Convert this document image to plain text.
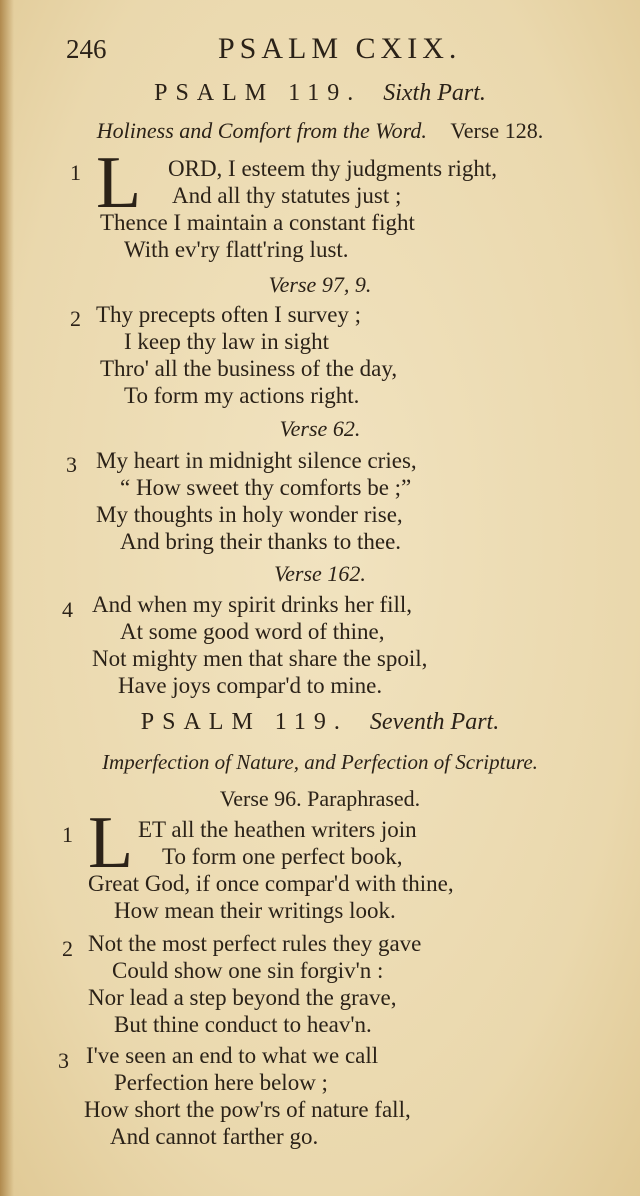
246	PSALM CXIX.
PSALM 119. Sixth Part.
Holiness and Comfort from the Word. Verse 128.
1 L ORD, I esteem thy judgments right,
And all thy statutes just ;
Thence I maintain a constant fight
With ev'ry flatt'ring lust.
Verse 97, 9.
2 Thy precepts often I survey ;
I keep thy law in sight
Thro' all the business of the day,
To form my actions right.
Verse 62.
3 My heart in midnight silence cries,
“ How sweet thy comforts be ;”
My thoughts in holy wonder rise,
And bring their thanks to thee.
Verse 162.
4 And when my spirit drinks her fill,
At some good word of thine,
Not mighty men that share the spoil,
Have joys compar'd to mine.
PSALM 119. Seventh Part.
Imperfection of Nature, and Perfection of Scripture.
Verse 96. Paraphrased.
1 L ET all the heathen writers join
To form one perfect book,
Great God, if once compar'd with thine,
How mean their writings look.
2 Not the most perfect rules they gave
Could show one sin forgiv'n :
Nor lead a step beyond the grave,
But thine conduct to heav'n.
3 I've seen an end to what we call
Perfection here below ;
How short the pow'rs of nature fall,
And cannot farther go.
